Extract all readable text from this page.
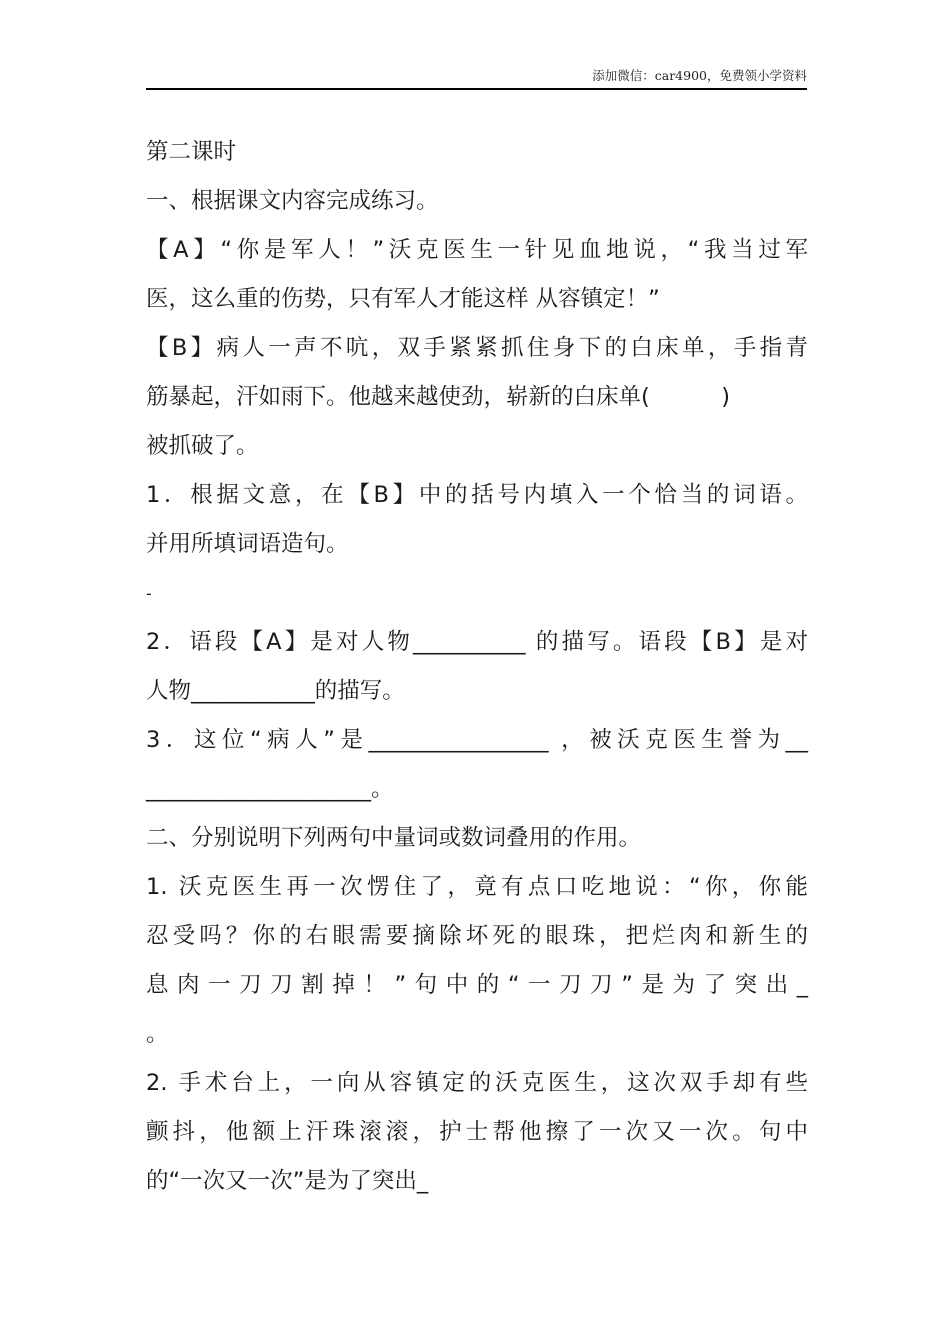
添加微信：car4900，免费领小学资料
第二课时
一、根据课文内容完成练习。
【A】“你是军人！”沃克医生一针见血地说，“我当过军
医，这么重的伤势，只有军人才能这样 从容镇定！”
【B】病人一声不吭，双手紧紧抓住身下的白床单，手指青
筋暴起，汗如雨下。他越来越使劲，崭新的白床单(          )
被抓破了。
1．根据文意，在【B】中的括号内填入一个恰当的词语。
并用所填词语造句。
-
2．语段【A】是对人物__________ 的描写。语段【B】是对
人物___________的描写。
3．这位“病人”是________________ ，被沃克医生誉为__
____________________。
二、分别说明下列两句中量词或数词叠用的作用。
1. 沃克医生再一次愣住了，竟有点口吃地说：“你，你能
忍受吗？你的右眼需要摘除坏死的眼珠，把烂肉和新生的
息肉一刀刀割掉！”句中的“一刀刀”是为了突出_
。
2. 手术台上，一向从容镇定的沃克医生，这次双手却有些
颤抖，他额上汗珠滚滚，护士帮他擦了一次又一次。句中
的“一次又一次”是为了突出_
